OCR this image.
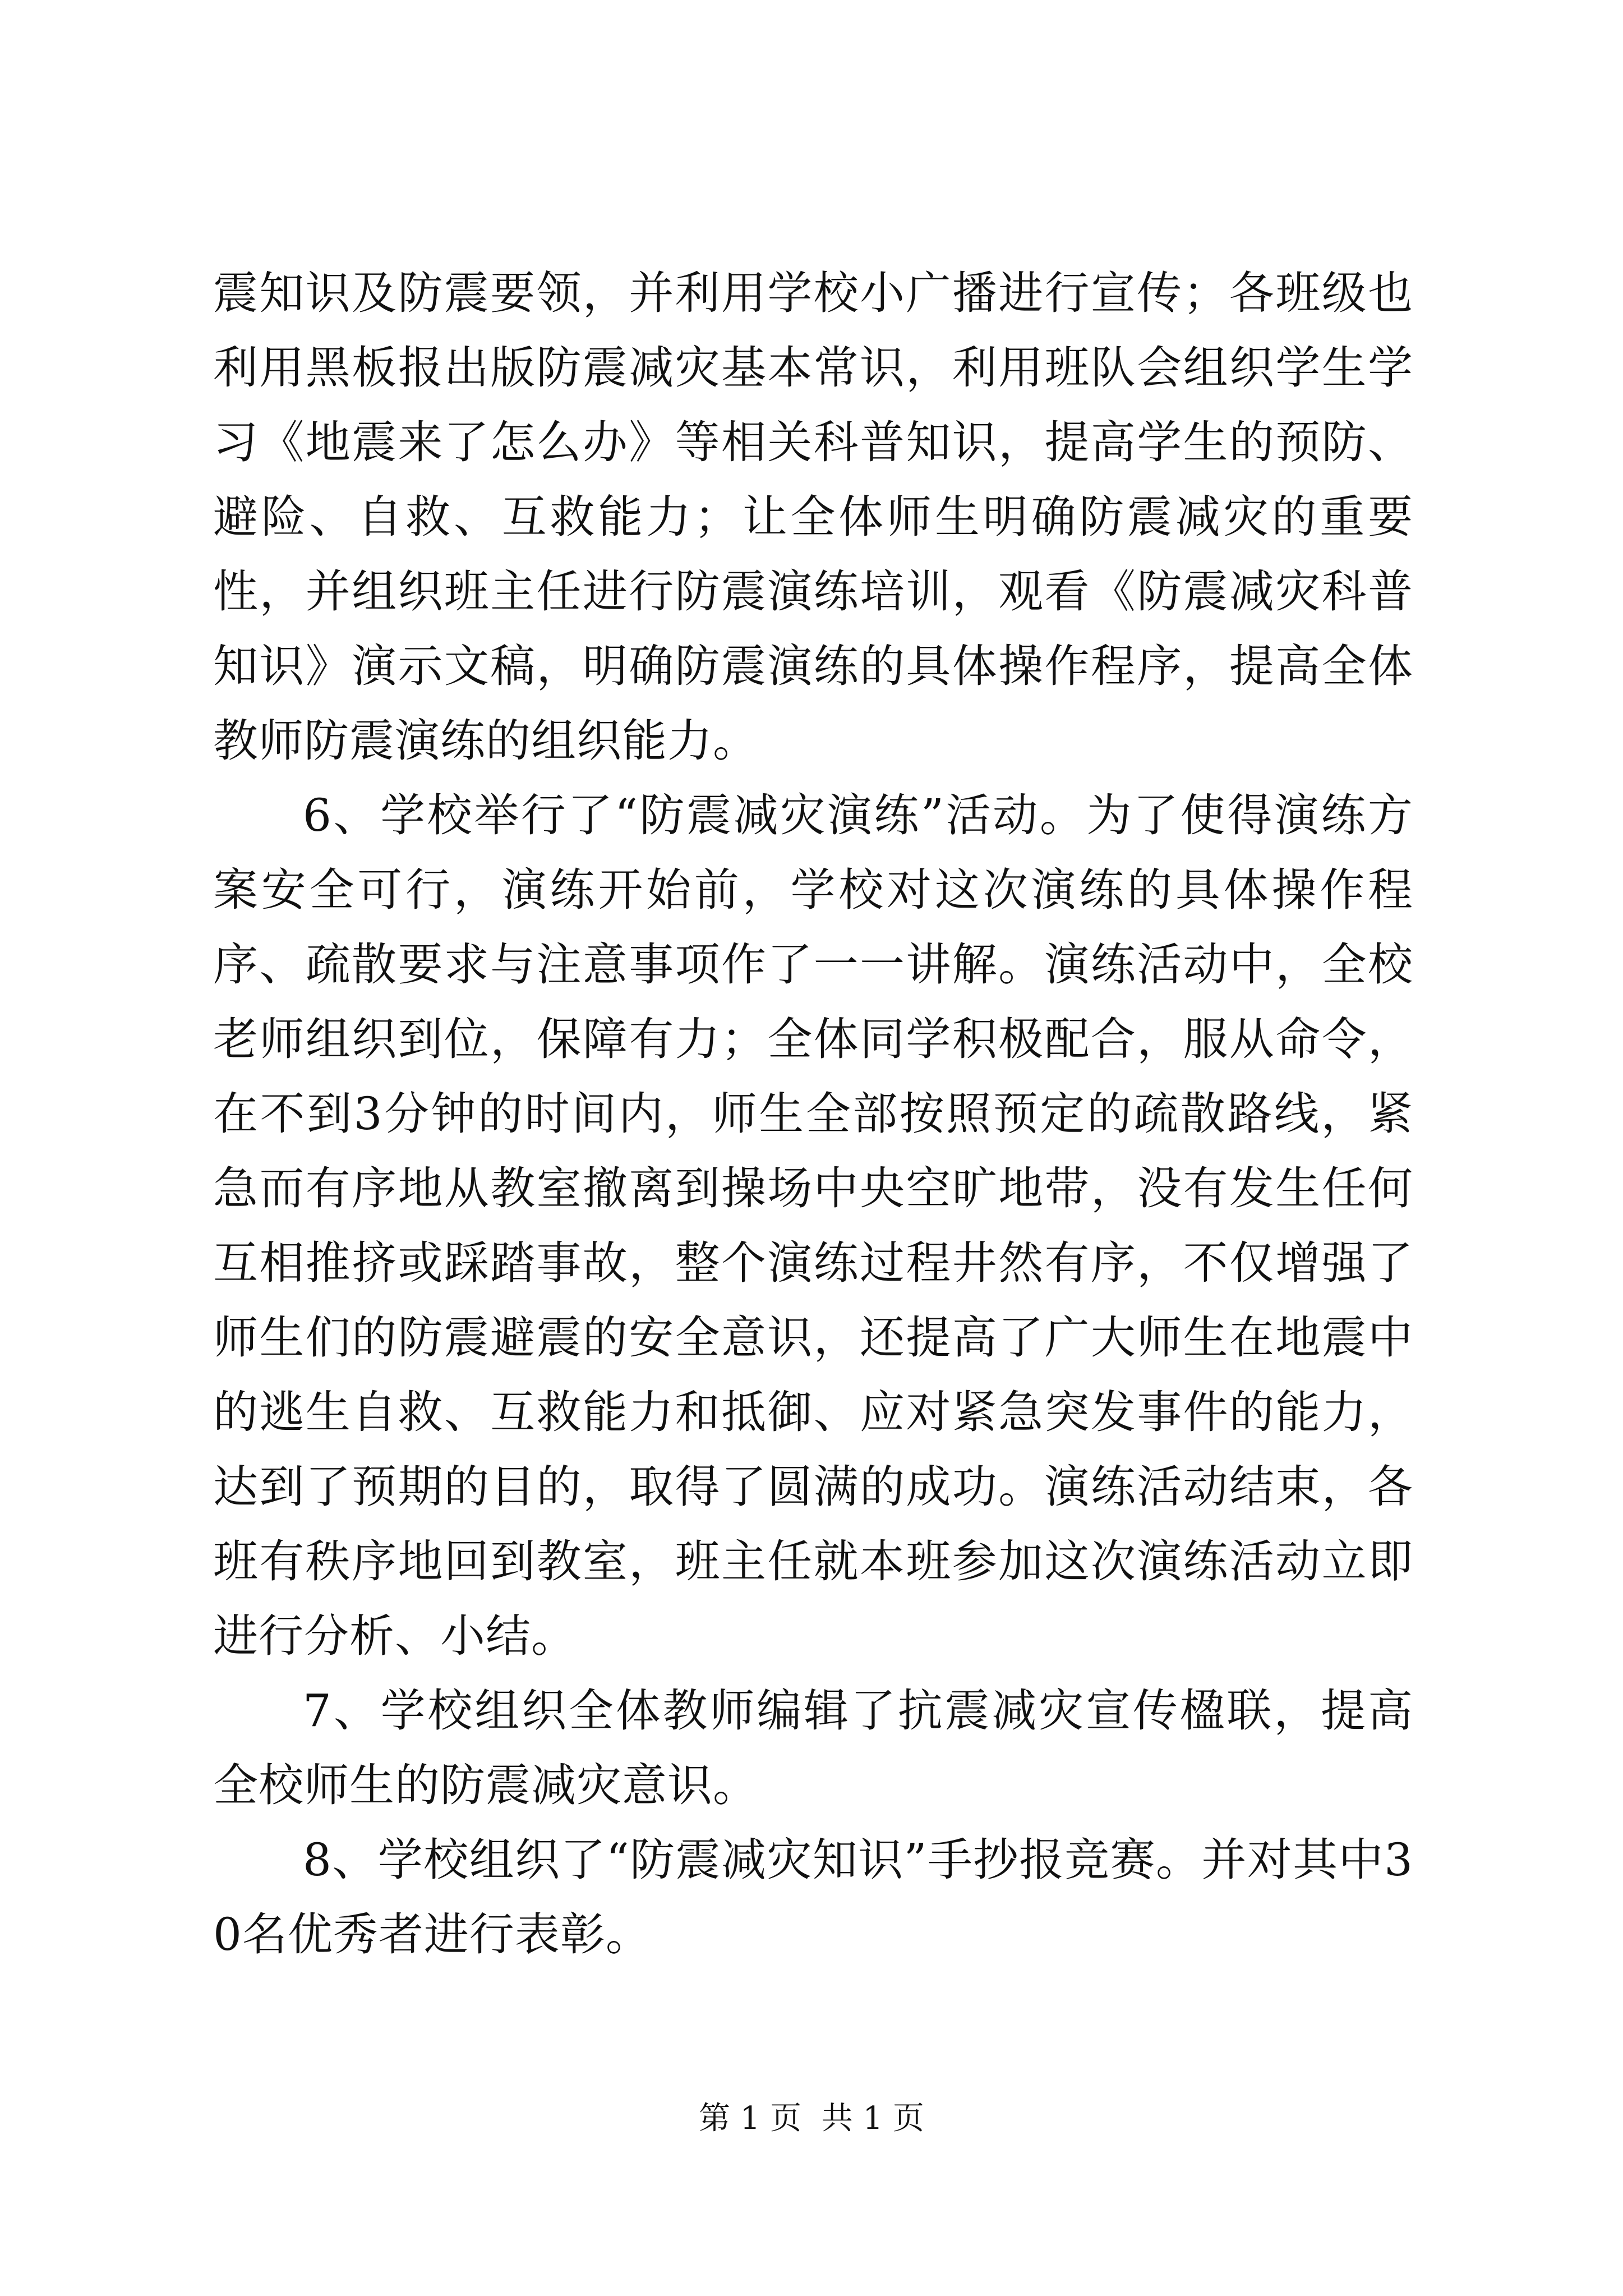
震知识及防震要领，并利用学校小广播进行宣传；各班级也利用黑板报出版防震减灾基本常识，利用班队会组织学生学习《地震来了怎么办》等相关科普知识，提高学生的预防、避险、自救、互救能力；让全体师生明确防震减灾的重要性，并组织班主任进行防震演练培训，观看《防震减灾科普知识》演示文稿，明确防震演练的具体操作程序，提高全体教师防震演练的组织能力。

6、学校举行了“防震减灾演练”活动。为了使得演练方案安全可行，演练开始前，学校对这次演练的具体操作程序、疏散要求与注意事项作了一一讲解。演练活动中，全校老师组织到位，保障有力；全体同学积极配合，服从命令，在不到3分钟的时间内，师生全部按照预定的疏散路线，紧急而有序地从教室撤离到操场中央空旷地带，没有发生任何互相推挤或踩踏事故，整个演练过程井然有序，不仅增强了师生们的防震避震的安全意识，还提高了广大师生在地震中的逃生自救、互救能力和抵御、应对紧急突发事件的能力，达到了预期的目的，取得了圆满的成功。演练活动结束，各班有秩序地回到教室，班主任就本班参加这次演练活动立即进行分析、小结。

7、学校组织全体教师编辑了抗震减灾宣传楹联，提高全校师生的防震减灾意识。

8、学校组织了“防震减灾知识”手抄报竞赛。并对其中30名优秀者进行表彰。

第 1 页  共 1 页
